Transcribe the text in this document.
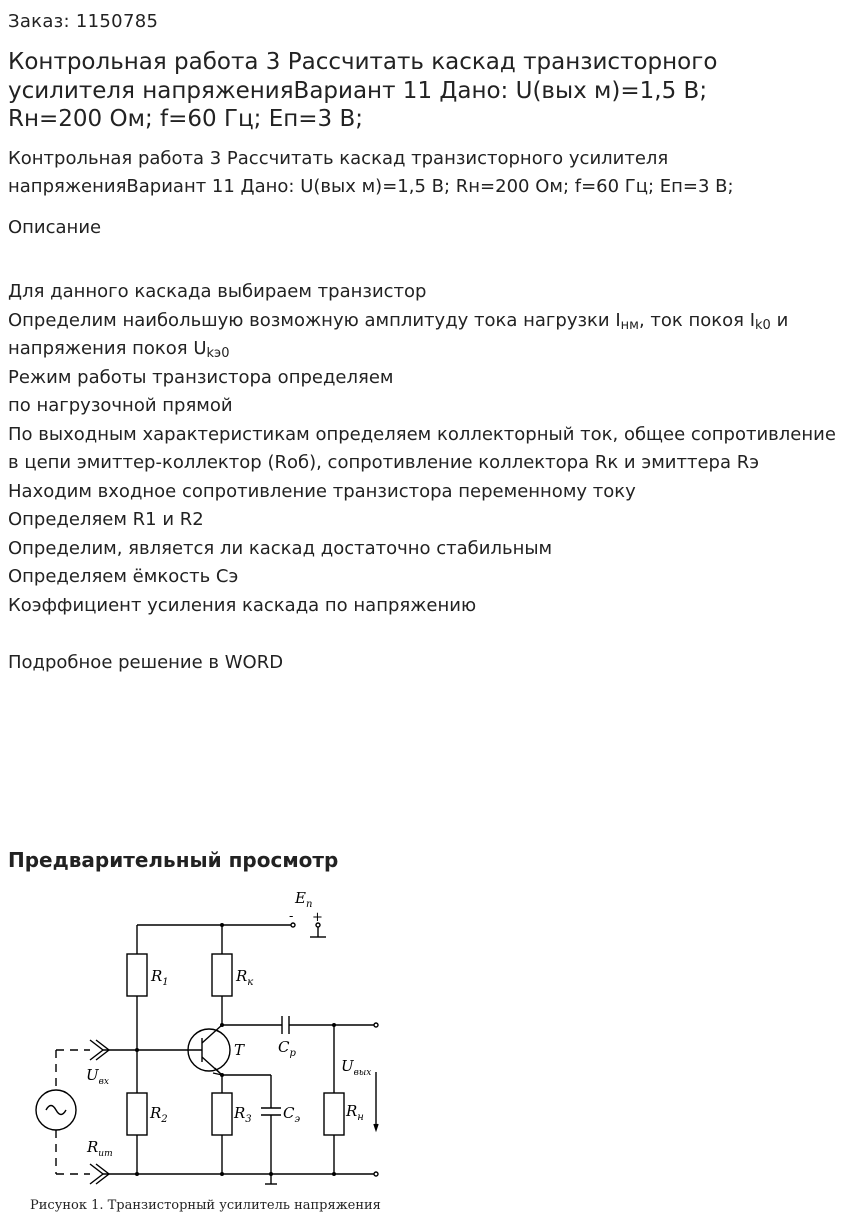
Заказ: 1150785
Контрольная работа 3 Рассчитать каскад транзисторного усилителя напряженияВариант 11 Дано: U(вых м)=1,5 В; Rн=200 Ом; f=60 Гц; Еп=3 В;

Контрольная работа 3 Рассчитать каскад транзисторного усилителя напряженияВариант 11 Дано: U(вых м)=1,5 В; Rн=200 Ом; f=60 Гц; Еп=3 В;

Описание
Для данного каскада выбираем транзистор
Определим наибольшую возможную амплитуду тока нагрузки $I_{нм}$, ток покоя $I_{k0}$ и напряжения покоя $U_{kэ0}$
Режим работы транзистора определяем
по нагрузочной прямой
По выходным характеристикам определяем коллекторный ток, общее сопротивление в цепи эмиттер-коллектор (Rоб), сопротивление коллектора Rк и эмиттера Rэ
Находим входное сопротивление транзистора переменному току
Определяем R1 и R2
Определим, является ли каскад достаточно стабильным
Определяем ёмкость Cэ
Коэффициент усиления каскада по напряжению
Подробное решение в WORD
Предварительный просмотр
$E_п$
- +
$R_1$	$R_к$
T $C_р$
$U_{вых}$
$U_{вх}$
$R_2$	$R_3$ $C_э$	$R_н$
$R_{ит}$
Рисунок 1. Транзисторный усилитель напряжения
